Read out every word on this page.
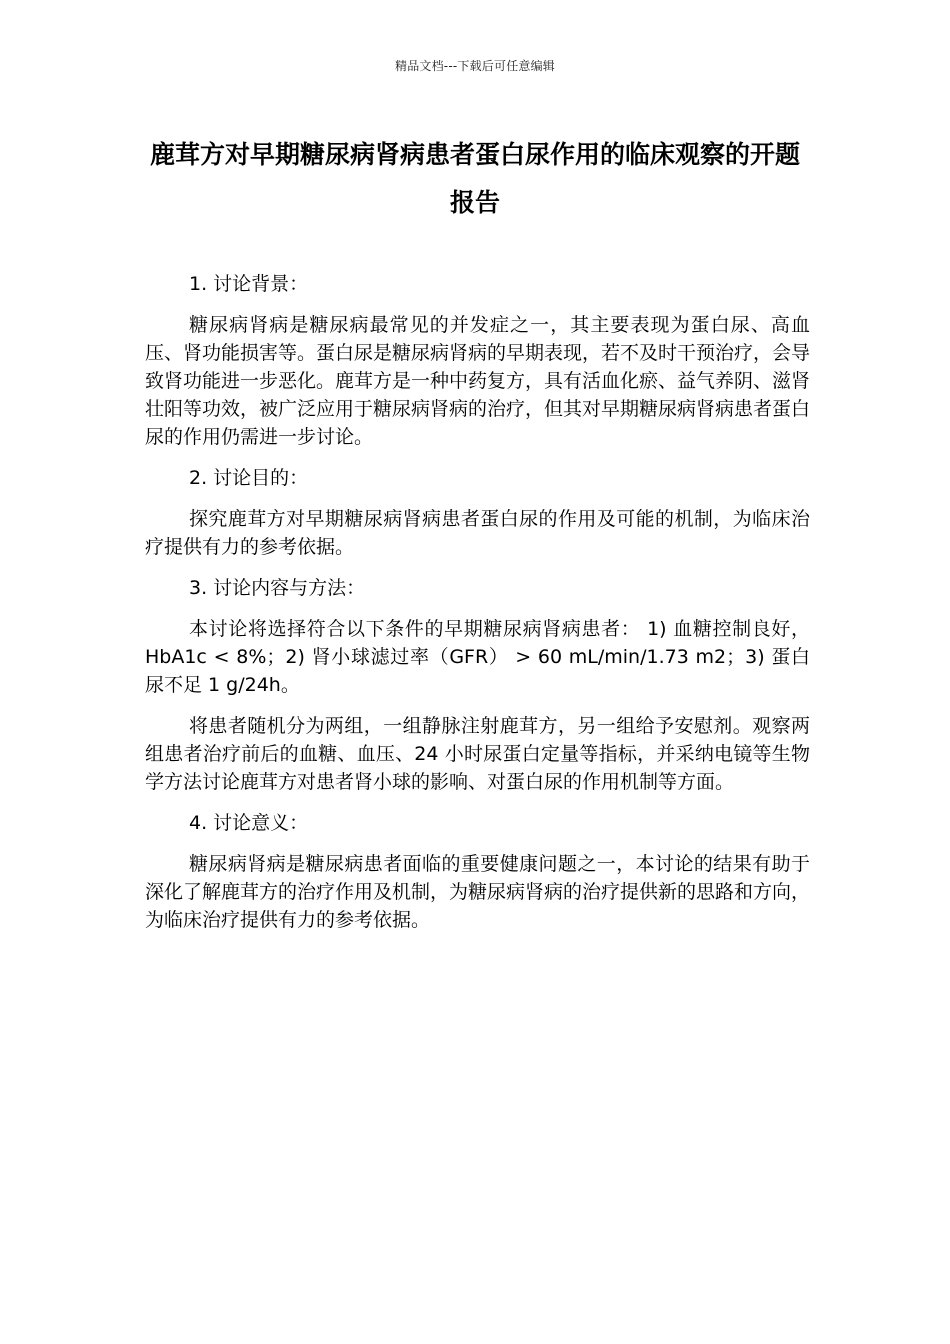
精品文档---下载后可任意编辑
鹿茸方对早期糖尿病肾病患者蛋白尿作用的临床观察的开题报告

1. 讨论背景：

糖尿病肾病是糖尿病最常见的并发症之一，其主要表现为蛋白尿、高血压、肾功能损害等。蛋白尿是糖尿病肾病的早期表现，若不及时干预治疗，会导致肾功能进一步恶化。鹿茸方是一种中药复方，具有活血化瘀、益气养阴、滋肾壮阳等功效，被广泛应用于糖尿病肾病的治疗，但其对早期糖尿病肾病患者蛋白尿的作用仍需进一步讨论。

2. 讨论目的：

探究鹿茸方对早期糖尿病肾病患者蛋白尿的作用及可能的机制，为临床治疗提供有力的参考依据。

3. 讨论内容与方法：

本讨论将选择符合以下条件的早期糖尿病肾病患者： 1) 血糖控制良好，HbA1c < 8%；2) 肾小球滤过率（GFR） > 60 mL/min/1.73 m2；3) 蛋白尿不足 1 g/24h。

将患者随机分为两组，一组静脉注射鹿茸方，另一组给予安慰剂。观察两组患者治疗前后的血糖、血压、24 小时尿蛋白定量等指标，并采纳电镜等生物学方法讨论鹿茸方对患者肾小球的影响、对蛋白尿的作用机制等方面。

4. 讨论意义：

糖尿病肾病是糖尿病患者面临的重要健康问题之一，本讨论的结果有助于深化了解鹿茸方的治疗作用及机制，为糖尿病肾病的治疗提供新的思路和方向，为临床治疗提供有力的参考依据。
